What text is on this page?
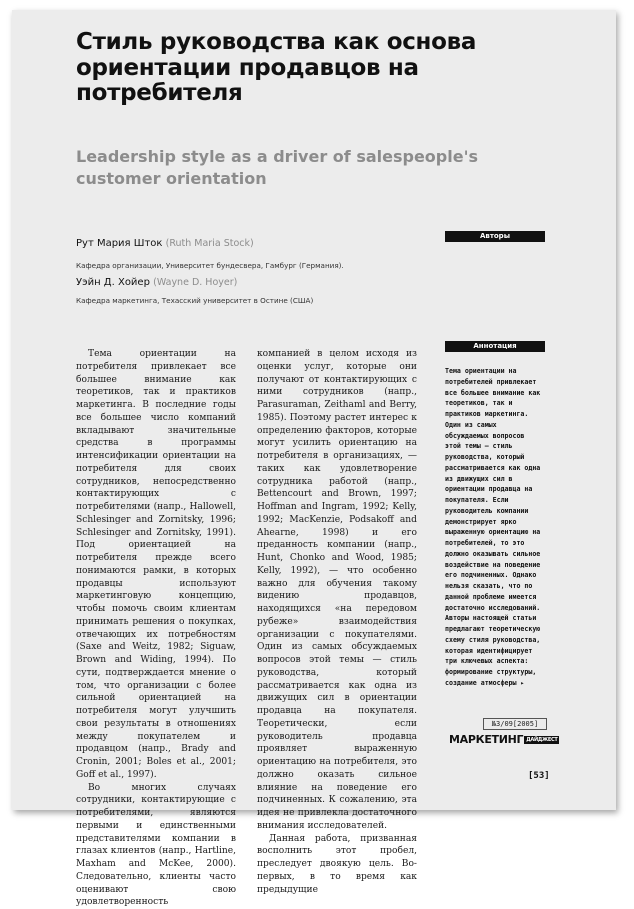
Стиль руководства как основа ориентации продавцов на потребителя
Leadership style as a driver of salespeople's customer orientation
Авторы
Рут Мария Шток (Ruth Maria Stock)
Кафедра организации, Университет бундесвера, Гамбург (Германия).
Уэйн Д. Хойер (Wayne D. Hoyer)
Кафедра маркетинга, Техасский университет в Остине (США)

Тема ориентации на потребителя привлекает все большее внимание как теоретиков, так и практиков маркетинга. В последние годы все большее число компаний вкладывают значительные средства в программы интенсификации ориентации на потребителя для своих сотрудников, непосредственно контактирующих с потребителями (напр., Hallowell, Schlesinger and Zornitsky, 1996; Schlesinger and Zornitsky, 1991). Под ориентацией на потребителя прежде всего понимаются рамки, в которых продавцы используют маркетинговую концепцию, чтобы помочь своим клиентам принимать решения о покупках, отвечающих их потребностям (Saxe and Weitz, 1982; Siguaw, Brown and Widing, 1994). По сути, подтверждается мнение о том, что организации с более сильной ориентацией на потребителя могут улучшить свои результаты в отношениях между покупателем и продавцом (напр., Brady and Cronin, 2001; Boles et al., 2001; Goff et al., 1997).

Во многих случаях сотрудники, контактирующие с потребителями, являются первыми и единственными представителями компании в глазах клиентов (напр., Hartline, Maxham and McKee, 2000). Следовательно, клиенты часто оценивают свою удовлетворенность

компанией в целом исходя из оценки услуг, которые они получают от контактирующих с ними сотрудников (напр., Parasuraman, Zeithaml and Berry, 1985). Поэтому растет интерес к определению факторов, которые могут усилить ориентацию на потребителя в организациях, — таких как удовлетворение сотрудника работой (напр., Bettencourt and Brown, 1997; Hoffman and Ingram, 1992; Kelly, 1992; MacKenzie, Podsakoff and Ahearne, 1998) и его преданность компании (напр., Hunt, Chonko and Wood, 1985; Kelly, 1992), — что особенно важно для обучения такому видению продавцов, находящихся «на передовом рубеже» взаимодействия организации с покупателями. Один из самых обсуждаемых вопросов этой темы — стиль руководства, который рассматривается как одна из движущих сил в ориентации продавца на покупателя. Теоретически, если руководитель продавца проявляет выраженную ориентацию на потребителя, это должно оказать сильное влияние на поведение его подчиненных. К сожалению, эта идея не привлекла достаточного внимания исследователей.

Данная работа, призванная восполнить этот пробел, преследует двоякую цель. Во-первых, в то время как предыдущие

Аннотация
Тема ориентации на потребителей привлекает все большее внимание как теоретиков, так и практиков маркетинга. Один из самых обсуждаемых вопросов этой темы — стиль руководства, который рассматривается как одна из движущих сил в ориентации продавца на покупателя. Если руководитель компании демонстрирует ярко выраженную ориентацию на потребителей, то это должно оказывать сильное воздействие на поведение его подчиненных. Однако нельзя сказать, что по данной проблеме имеется достаточно исследований. Авторы настоящей статьи предлагают теоретическую схему стиля руководства, которая идентифицирует три ключевых аспекта: формирование структуры, создание атмосферы ▸
№3/09[2005]
МАРКЕТИНГ ДАЙДЖЕСТ
[53]
